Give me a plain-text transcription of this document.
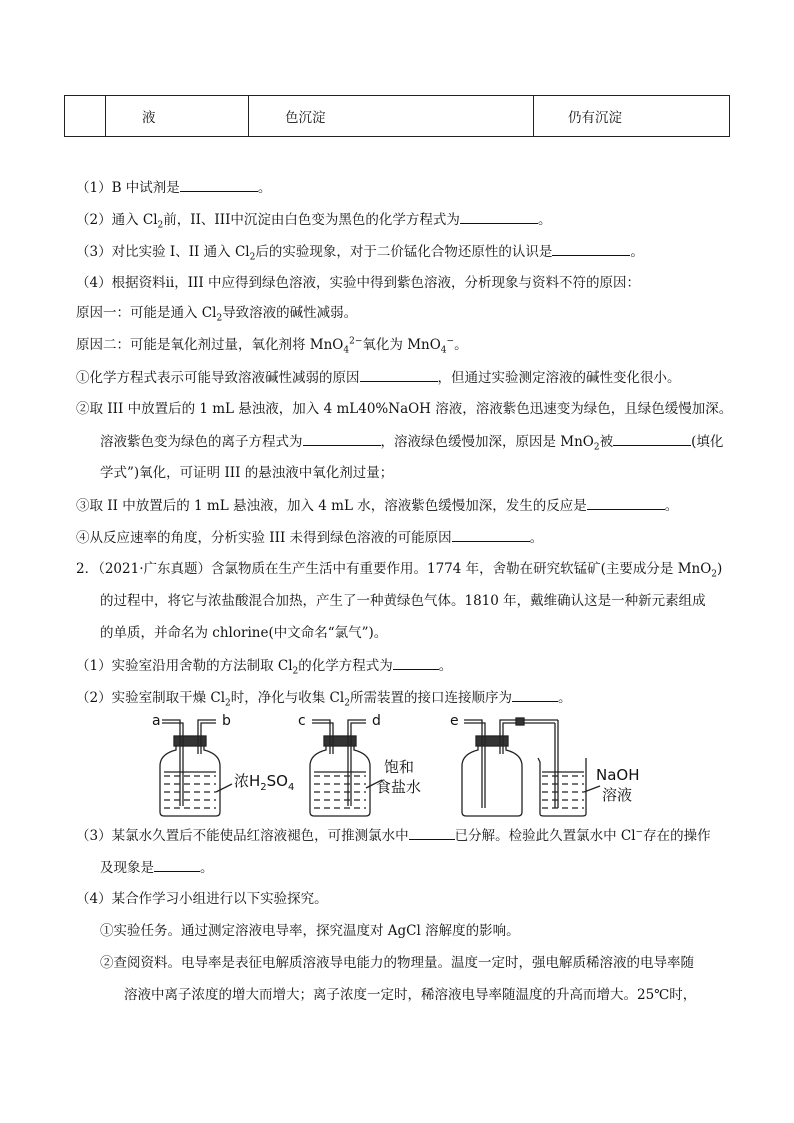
液	色沉淀	仍有沉淀
（1）B 中试剂是	。
（2）通入 $Cl_2$前，II、III中沉淀由白色变为黑色的化学方程式为	。
（3）对比实验 I、II 通入 $Cl_2$后的实验现象，对于二价锰化合物还原性的认识是	。
（4）根据资料ⅱ，III 中应得到绿色溶液，实验中得到紫色溶液，分析现象与资料不符的原因：
原因一：可能是通入 $Cl_2$导致溶液的碱性减弱。
原因二：可能是氧化剂过量，氧化剂将 MnO$_4^{2-}$氧化为 MnO$_4$−。
①化学方程式表示可能导致溶液碱性减弱的原因	，但通过实验测定溶液的碱性变化很小。
②取 III 中放置后的 1 mL 悬浊液，加入 4 mL40%NaOH 溶液，溶液紫色迅速变为绿色，且绿色缓慢加深。
溶液紫色变为绿色的离子方程式为	，溶液绿色缓慢加深，原因是 MnO$_2$被	(填化
学式”)氧化，可证明 III 的悬浊液中氧化剂过量；
③取 II 中放置后的 1 mL 悬浊液，加入 4 mL 水，溶液紫色缓慢加深，发生的反应是	。
④从反应速率的角度，分析实验 III 未得到绿色溶液的可能原因	。
2．（2021·广东真题）含氯物质在生产生活中有重要作用。1774 年，舍勒在研究软锰矿(主要成分是 MnO$_2$)
的过程中，将它与浓盐酸混合加热，产生了一种黄绿色气体。1810 年，戴维确认这是一种新元素组成
的单质，并命名为 chlorine(中文命名“氯气”)。
（1）实验室沿用舍勒的方法制取 $Cl_2$的化学方程式为	。
（2）实验室制取干燥 $Cl_2$时，净化与收集 $Cl_2$所需装置的接口连接顺序为	。
a	b	c	d	e
浓$H_2SO_4$
饱和
食盐水
NaOH
溶液
（3）某氯水久置后不能使品红溶液褪色，可推测氯水中	已分解。检验此久置氯水中 Cl−存在的操作
及现象是	。
（4）某合作学习小组进行以下实验探究。
①实验任务。通过测定溶液电导率，探究温度对 AgCl 溶解度的影响。
②查阅资料。电导率是表征电解质溶液导电能力的物理量。温度一定时，强电解质稀溶液的电导率随
溶液中离子浓度的增大而增大；离子浓度一定时，稀溶液电导率随温度的升高而增大。25℃时，
